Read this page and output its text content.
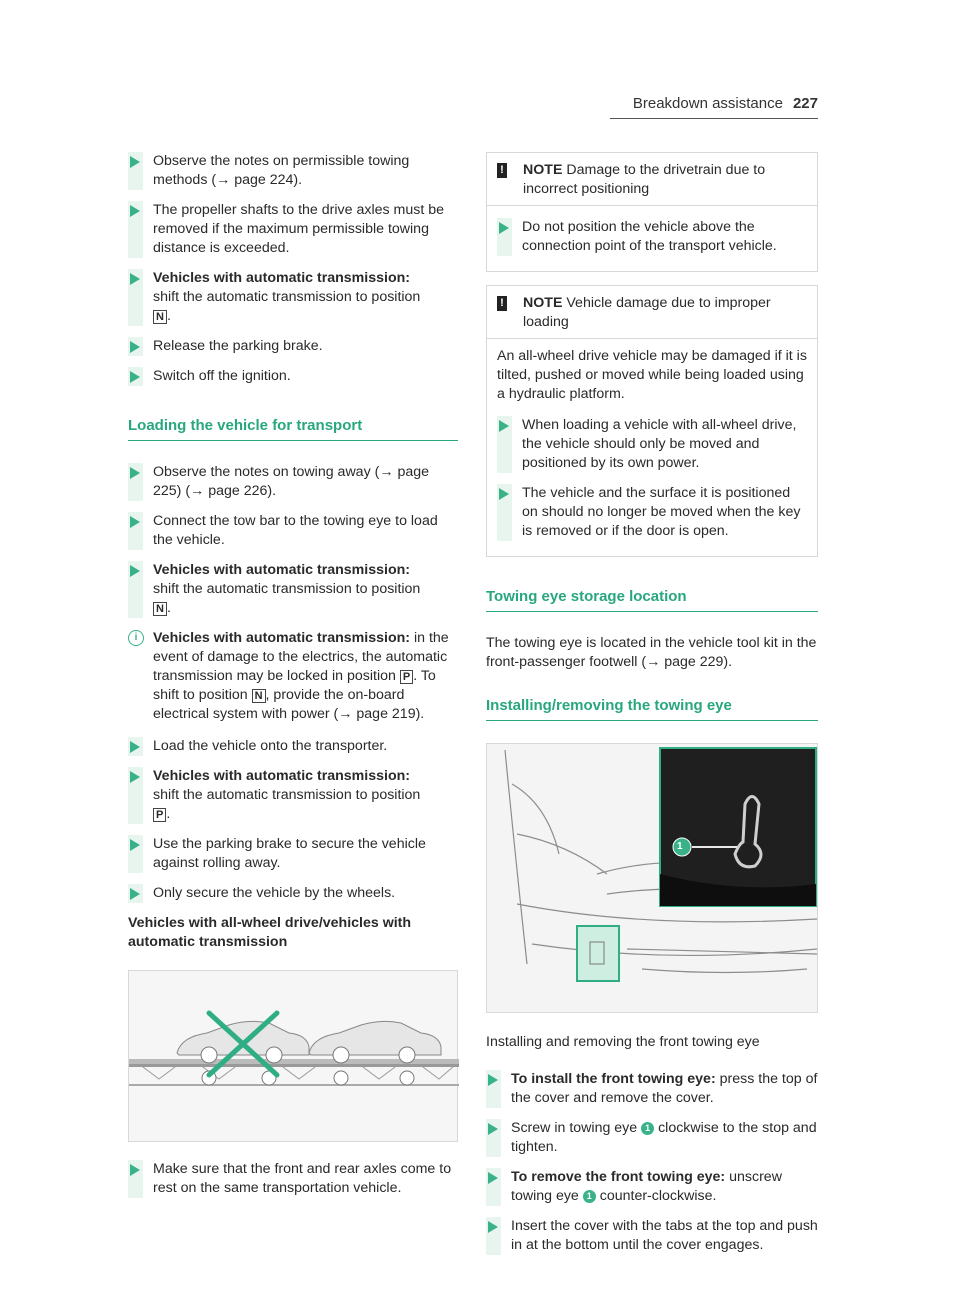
Breakdown assistance 227
Observe the notes on permissible towing methods (→ page 224).
The propeller shafts to the drive axles must be removed if the maximum permissible towing distance is exceeded.
Vehicles with automatic transmission:
shift the automatic transmission to position
N .
Release the parking brake.
Switch off the ignition.
Loading the vehicle for transport
Observe the notes on towing away (→ page 225) (→ page 226).
Connect the tow bar to the towing eye to load the vehicle.
Vehicles with automatic transmission:
shift the automatic transmission to position
N .
i	Vehicles with automatic transmission: in the event of damage to the electrics, the automatic transmission may be locked in position P . To shift to position N , provide the on-board electrical system with power (→ page 219).
Load the vehicle onto the transporter.
Vehicles with automatic transmission:
shift the automatic transmission to position
P .
Use the parking brake to secure the vehicle against rolling away.
Only secure the vehicle by the wheels.
Vehicles with all-wheel drive/vehicles with automatic transmission
Make sure that the front and rear axles come to rest on the same transportation vehicle.
! NOTE Damage to the drivetrain due to incorrect positioning
Do not position the vehicle above the connection point of the transport vehicle.
! NOTE Vehicle damage due to improper loading
An all-wheel drive vehicle may be damaged if it is tilted, pushed or moved while being loaded using a hydraulic platform.
When loading a vehicle with all-wheel drive, the vehicle should only be moved and positioned by its own power.
The vehicle and the surface it is positioned on should no longer be moved when the key is removed or if the door is open.
Towing eye storage location
The towing eye is located in the vehicle tool kit in the front-passenger footwell (→ page 229).
Installing/removing the towing eye
1
Installing and removing the front towing eye
To install the front towing eye: press the top of the cover and remove the cover.
Screw in towing eye 1 clockwise to the stop and tighten.
To remove the front towing eye: unscrew towing eye 1 counter-clockwise.
Insert the cover with the tabs at the top and push in at the bottom until the cover engages.
